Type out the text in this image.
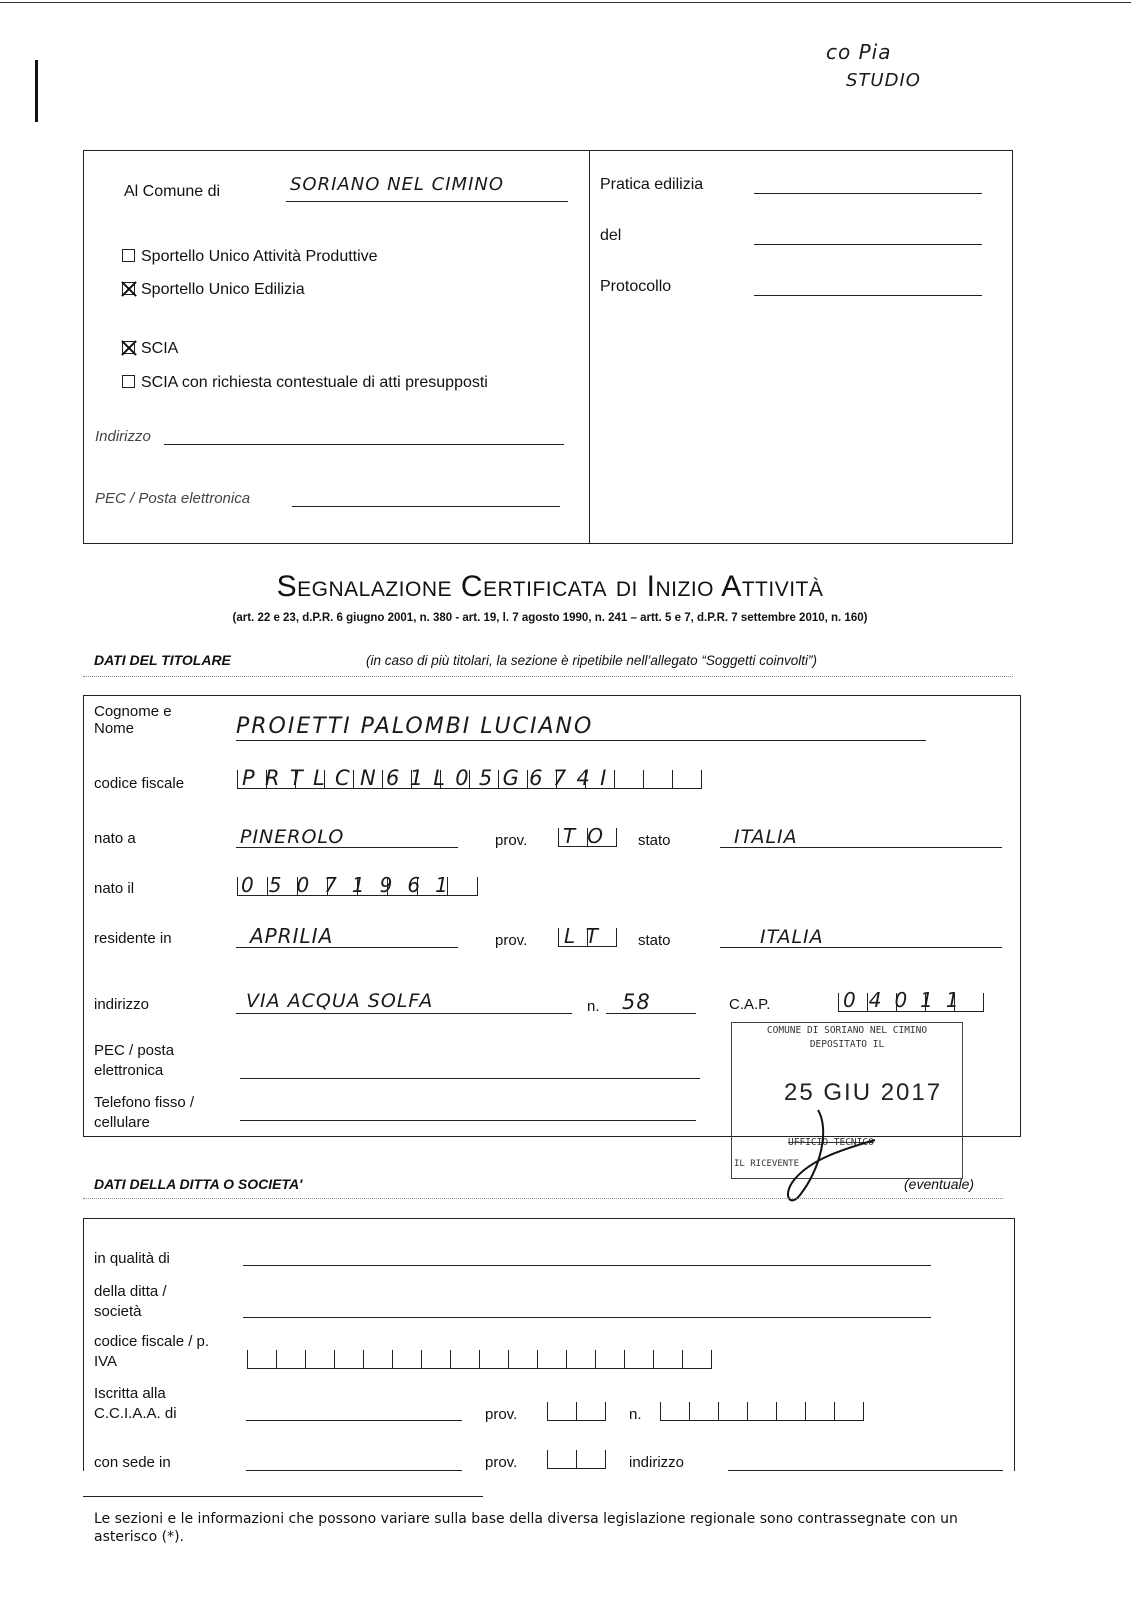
co Pia
STUDIO
Al Comune di	SORIANO NEL CIMINO
Sportello Unico Attività Produttive
Sportello Unico Edilizia
SCIA
SCIA con richiesta contestuale di atti presupposti
Indirizzo
PEC / Posta elettronica
Pratica edilizia
del
Protocollo
Segnalazione Certificata di Inizio Attività
(art. 22 e 23, d.P.R. 6 giugno 2001, n. 380 - art. 19, l. 7 agosto 1990, n. 241 – artt. 5 e 7, d.P.R. 7 settembre 2010, n. 160)
DATI DEL TITOLARE	(in caso di più titolari, la sezione è ripetibile nell’allegato “Soggetti coinvolti”)
Cognome e Nome	PROIETTI PALOMBI LUCIANO
codice fiscale	PRTLCN61L05G674I
nato a	PINEROLO	prov. TO stato	ITALIA
nato il	05071961
residente in	APRILIA	prov. LT stato	ITALIA
indirizzo	VIA ACQUA SOLFA	n. 58	C.A.P.	04011
PEC / posta elettronica
Telefono fisso / cellulare
COMUNE DI SORIANO NEL CIMINO
DEPOSITATO IL
25 GIU 2017
UFFICIO TECNICO
IL RICEVENTE
DATI DELLA DITTA O SOCIETA'	(eventuale)
in qualità di
della ditta / società
codice fiscale / p. IVA
Iscritta alla C.C.I.A.A. di	prov.	n.
con sede in	prov.	indirizzo
Le sezioni e le informazioni che possono variare sulla base della diversa legislazione regionale sono contrassegnate con un asterisco (*).
